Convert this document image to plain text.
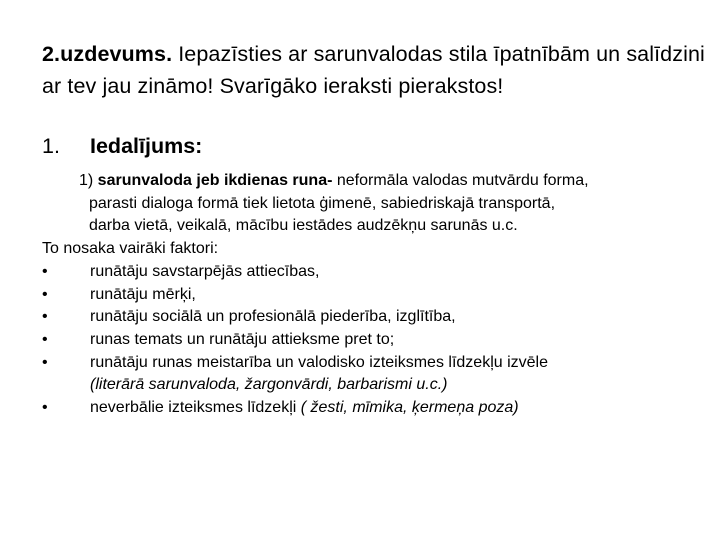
2.uzdevums. Iepazīsties ar sarunvalodas stila īpatnībām un salīdzini ar tev jau zināmo! Svarīgāko ieraksti pierakstos!
1. Iedalījums:

1) sarunvaloda jeb ikdienas runa- neformāla valodas mutvārdu forma,
parasti dialoga formā tiek lietota ģimenē, sabiedriskajā transportā,
darba vietā, veikalā, mācību iestādes audzēkņu sarunās u.c.

To nosaka vairāki faktori:

•	runātāju savstarpējās attiecības,
•	runātāju mērķi,
•	runātāju sociālā un profesionālā piederība, izglītība,
•	runas temats un runātāju attieksme pret to;
•	runātāju runas meistarība un valodisko izteiksmes līdzekļu izvēle
(literārā sarunvaloda, žargonvārdi, barbarismi u.c.)
•	neverbālie izteiksmes līdzekļi ( žesti, mīmika, ķermeņa poza)
